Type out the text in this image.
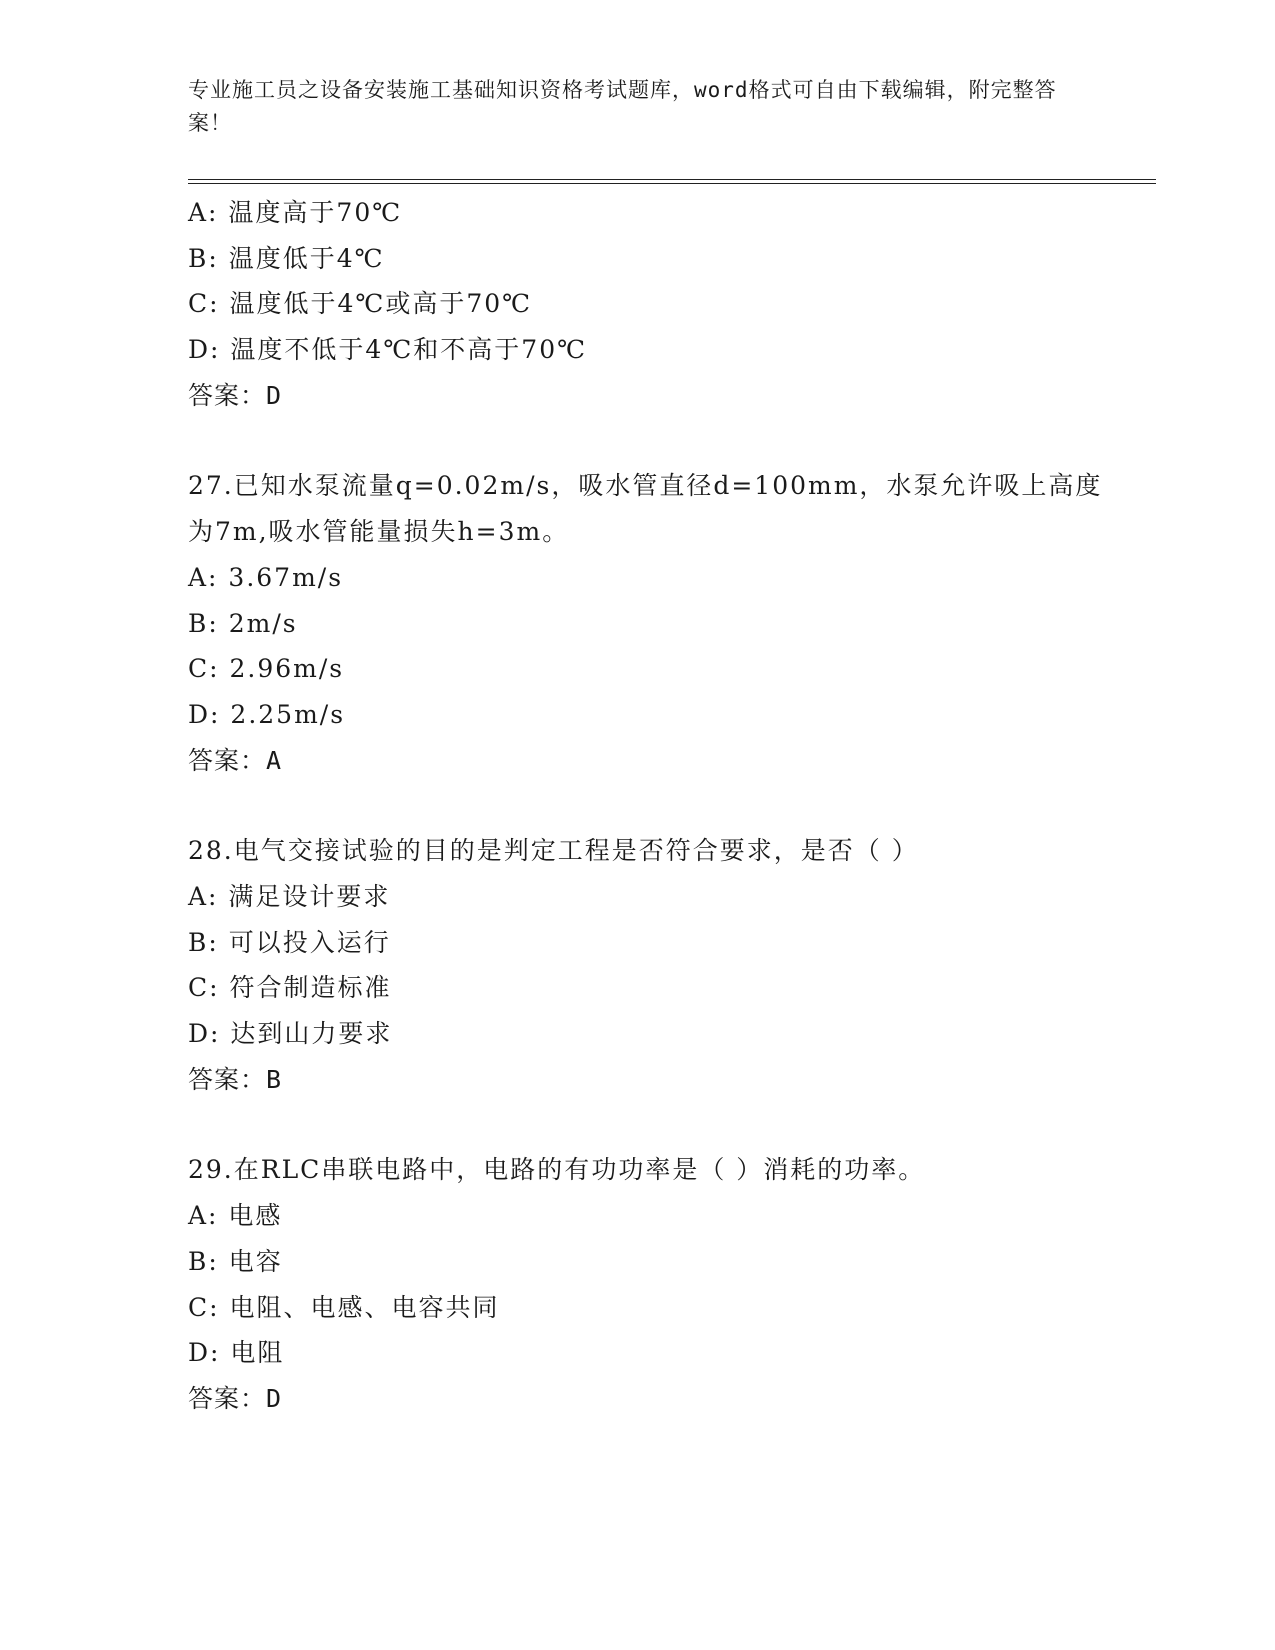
专业施工员之设备安装施工基础知识资格考试题库，word格式可自由下载编辑，附完整答案！
A: 温度高于70℃
B: 温度低于4℃
C: 温度低于4℃或高于70℃
D: 温度不低于4℃和不高于70℃
答案：D
27.已知水泵流量q=0.02m/s，吸水管直径d=100mm，水泵允许吸上高度为7m,吸水管能量损失h=3m。
A: 3.67m/s
B: 2m/s
C: 2.96m/s
D: 2.25m/s
答案：A
28.电气交接试验的目的是判定工程是否符合要求，是否（ ）
A: 满足设计要求
B: 可以投入运行
C: 符合制造标准
D: 达到山力要求
答案：B
29.在RLC串联电路中，电路的有功功率是（ ）消耗的功率。
A: 电感
B: 电容
C: 电阻、电感、电容共同
D: 电阻
答案：D
